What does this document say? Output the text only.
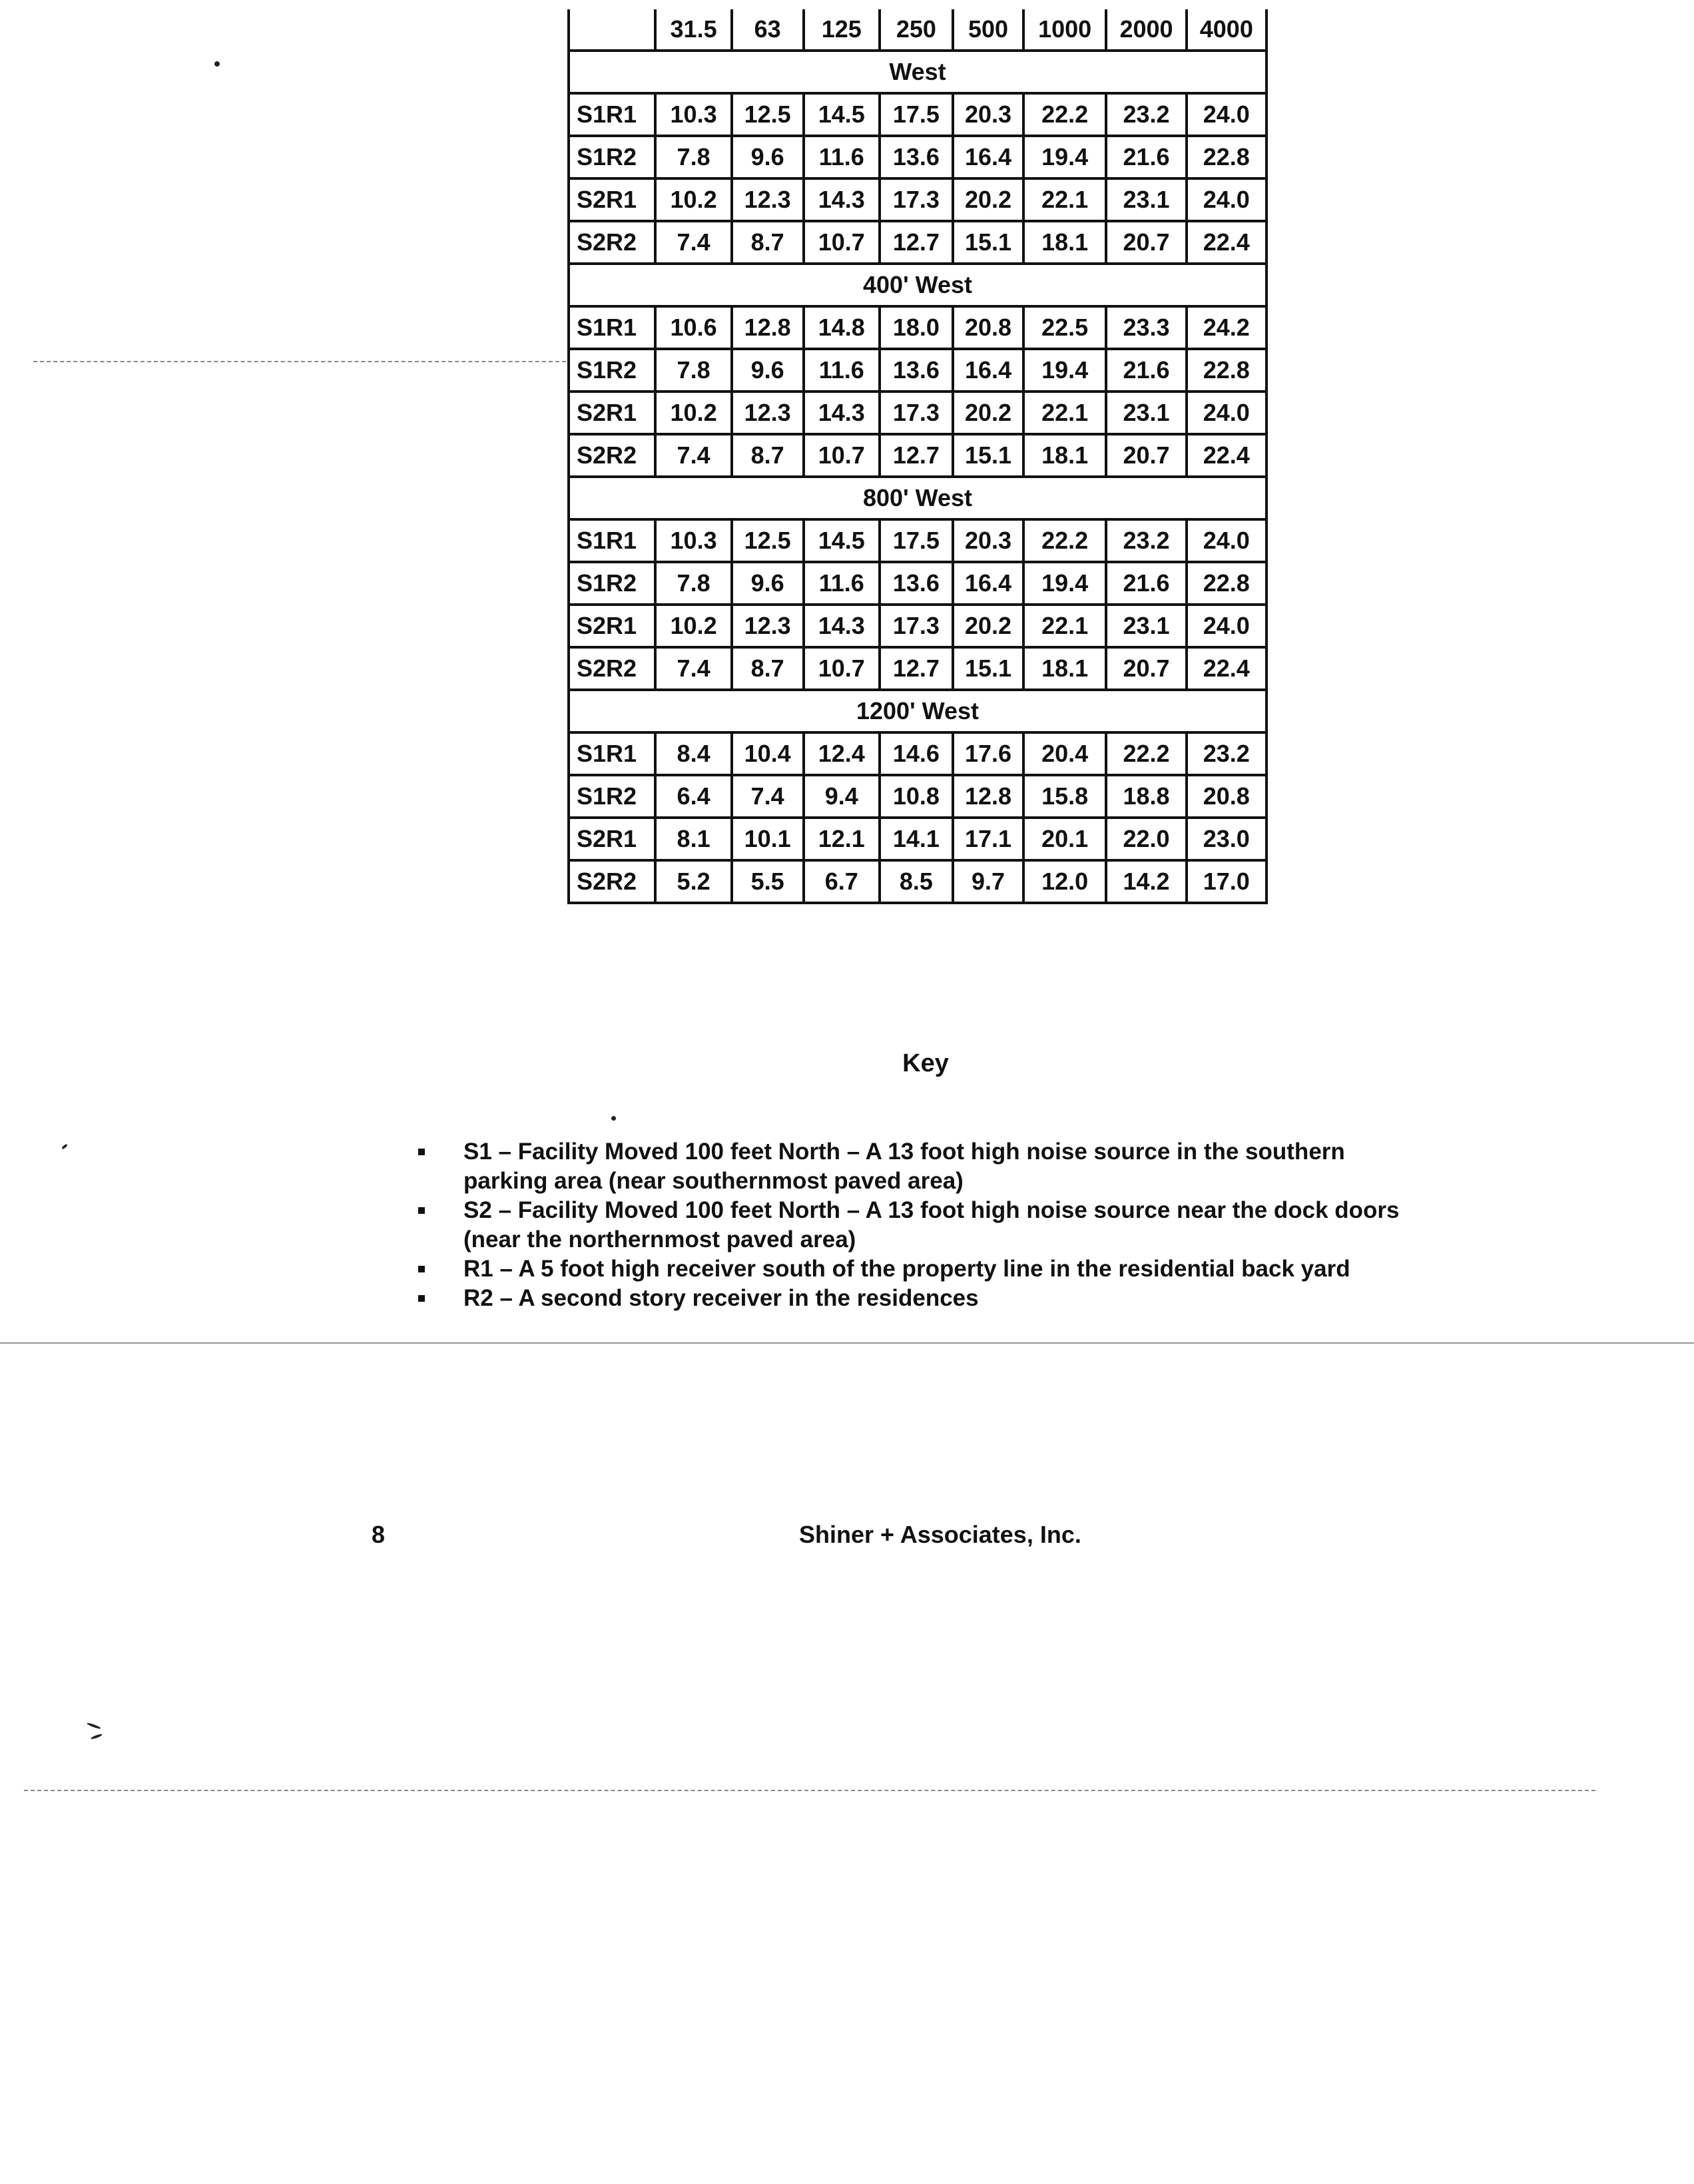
	31.5	63	125	250	500	1000	2000	4000
West								
S1R1	10.3	12.5	14.5	17.5	20.3	22.2	23.2	24.0
S1R2	7.8	9.6	11.6	13.6	16.4	19.4	21.6	22.8
S2R1	10.2	12.3	14.3	17.3	20.2	22.1	23.1	24.0
S2R2	7.4	8.7	10.7	12.7	15.1	18.1	20.7	22.4
400' West								
S1R1	10.6	12.8	14.8	18.0	20.8	22.5	23.3	24.2
S1R2	7.8	9.6	11.6	13.6	16.4	19.4	21.6	22.8
S2R1	10.2	12.3	14.3	17.3	20.2	22.1	23.1	24.0
S2R2	7.4	8.7	10.7	12.7	15.1	18.1	20.7	22.4
800' West								
S1R1	10.3	12.5	14.5	17.5	20.3	22.2	23.2	24.0
S1R2	7.8	9.6	11.6	13.6	16.4	19.4	21.6	22.8
S2R1	10.2	12.3	14.3	17.3	20.2	22.1	23.1	24.0
S2R2	7.4	8.7	10.7	12.7	15.1	18.1	20.7	22.4
1200' West								
S1R1	8.4	10.4	12.4	14.6	17.6	20.4	22.2	23.2
S1R2	6.4	7.4	9.4	10.8	12.8	15.8	18.8	20.8
S2R1	8.1	10.1	12.1	14.1	17.1	20.1	22.0	23.0
S2R2	5.2	5.5	6.7	8.5	9.7	12.0	14.2	17.0
Key
S1 – Facility Moved 100 feet North – A 13 foot high noise source in the southern parking area (near southernmost paved area)
S2 – Facility Moved 100 feet North – A 13 foot high noise source near the dock doors (near the northernmost paved area)
R1 – A 5 foot high receiver south of the property line in the residential back yard
R2 – A second story receiver in the residences
8	Shiner + Associates, Inc.
